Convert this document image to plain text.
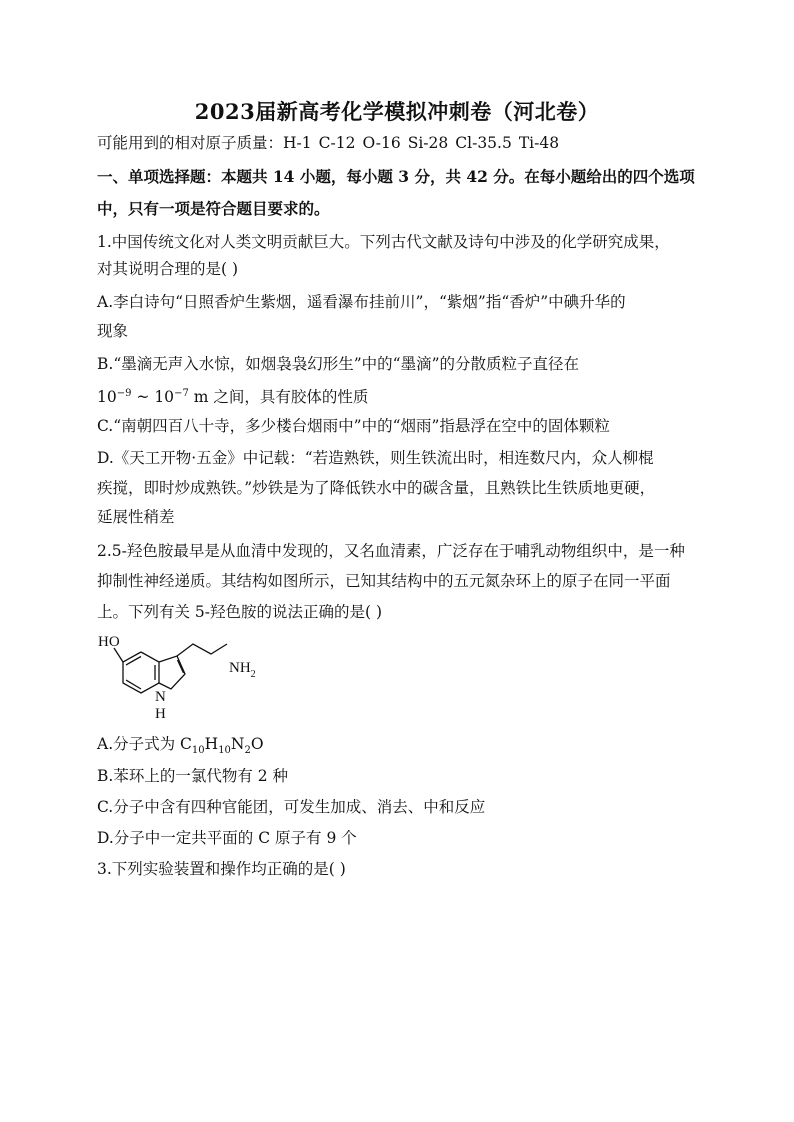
2023届新高考化学模拟冲刺卷（河北卷）
可能用到的相对原子质量：H-1 C-12 O-16 Si-28 Cl-35.5 Ti-48
一、单项选择题：本题共 14 小题，每小题 3 分，共 42 分。在每小题给出的四个选项
中，只有一项是符合题目要求的。
1.中国传统文化对人类文明贡献巨大。下列古代文献及诗句中涉及的化学研究成果，
对其说明合理的是( )
A.李白诗句“日照香炉生紫烟，遥看瀑布挂前川”，“紫烟”指“香炉”中碘升华的
现象
B.“墨滴无声入水惊，如烟袅袅幻形生”中的“墨滴”的分散质粒子直径在
$10^{-9}$ ~ $10^{-7}$ m 之间，具有胶体的性质
C.“南朝四百八十寺，多少楼台烟雨中”中的“烟雨”指悬浮在空中的固体颗粒
D.《天工开物·五金》中记载：“若造熟铁，则生铁流出时，相连数尺内，众人柳棍
疾搅，即时炒成熟铁。”炒铁是为了降低铁水中的碳含量，且熟铁比生铁质地更硬，
延展性稍差
2.5-羟色胺最早是从血清中发现的，又名血清素，广泛存在于哺乳动物组织中，是一种
抑制性神经递质。其结构如图所示，已知其结构中的五元氮杂环上的原子在同一平面
上。下列有关 5-羟色胺的说法正确的是( )
HO
$NH_2$
N
H
A.分子式为 $C_{10}H_{10}N_2O$
B.苯环上的一氯代物有 2 种
C.分子中含有四种官能团，可发生加成、消去、中和反应
D.分子中一定共平面的 C 原子有 9 个
3.下列实验装置和操作均正确的是( )
